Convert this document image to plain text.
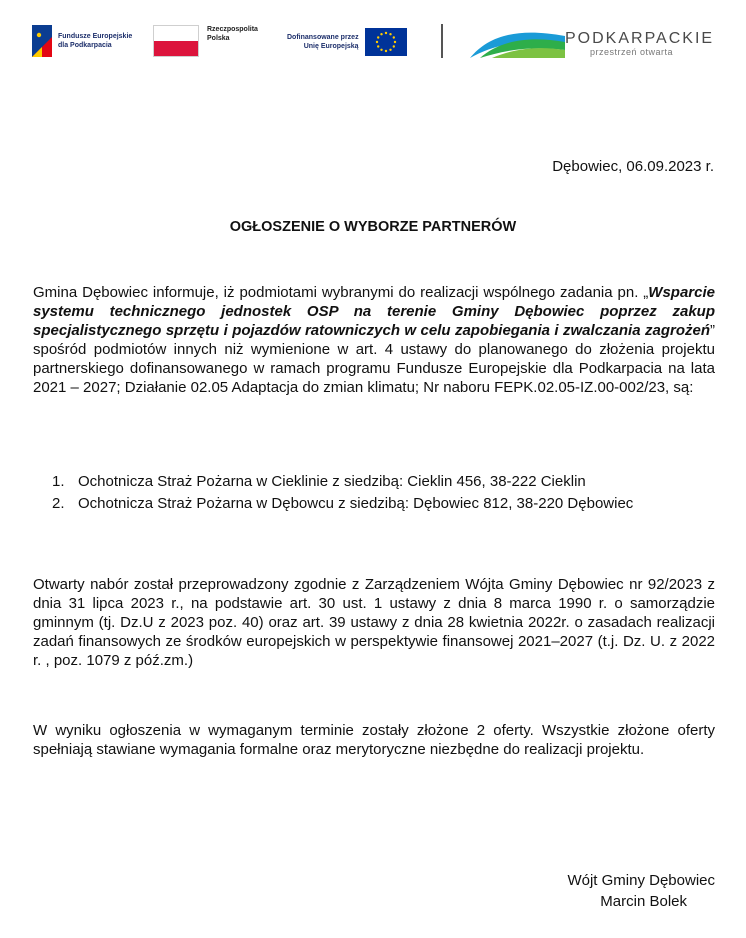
Fundusze Europejskie
dla Podkarpacia
Rzeczpospolita
Polska	Dofinansowane przez
Unię Europejską	PODKARPACKIE
przestrzeń otwarta
Dębowiec, 06.09.2023 r.
OGŁOSZENIE O WYBORZE PARTNERÓW
Gmina Dębowiec informuje, iż podmiotami wybranymi do realizacji wspólnego zadania pn. „Wsparcie systemu technicznego jednostek OSP na terenie Gminy Dębowiec poprzez zakup specjalistycznego sprzętu i pojazdów ratowniczych w celu zapobiegania i zwalczania zagrożeń” spośród podmiotów innych niż wymienione w art. 4 ustawy do planowanego do złożenia projektu partnerskiego dofinansowanego w ramach programu Fundusze Europejskie dla Podkarpacia na lata 2021 – 2027; Działanie 02.05 Adaptacja do zmian klimatu; Nr naboru FEPK.02.05-IZ.00-002/23, są:
1. Ochotnicza Straż Pożarna w Cieklinie z siedzibą: Cieklin 456, 38-222 Cieklin
2. Ochotnicza Straż Pożarna w Dębowcu z siedzibą: Dębowiec 812, 38-220 Dębowiec
Otwarty nabór został przeprowadzony zgodnie z Zarządzeniem Wójta Gminy Dębowiec nr 92/2023 z dnia 31 lipca 2023 r., na podstawie art. 30 ust. 1 ustawy z dnia 8 marca 1990 r. o samorządzie gminnym (tj. Dz.U z 2023 poz. 40) oraz art. 39 ustawy z dnia 28 kwietnia 2022r. o zasadach realizacji zadań finansowych ze środków europejskich w perspektywie finansowej 2021–2027 (t.j. Dz. U. z 2022 r. , poz. 1079 z póź.zm.)
W wyniku ogłoszenia w wymaganym terminie zostały złożone 2 oferty. Wszystkie złożone oferty spełniają stawiane wymagania formalne oraz merytoryczne niezbędne do realizacji projektu.
Wójt Gminy Dębowiec
Marcin Bolek
